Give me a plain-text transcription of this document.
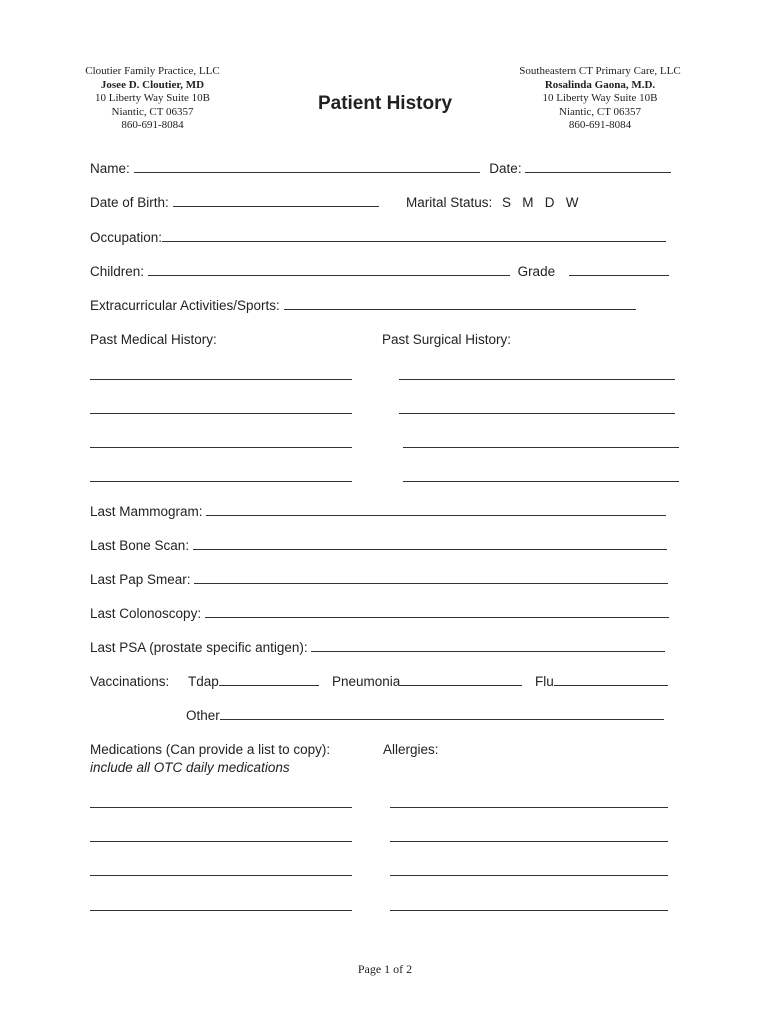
Cloutier Family Practice, LLC
Josee D. Cloutier, MD
10 Liberty Way Suite 10B
Niantic, CT 06357
860-691-8084
Patient History
Southeastern CT Primary Care, LLC
Rosalinda Gaona, M.D.
10 Liberty Way Suite 10B
Niantic, CT 06357
860-691-8084
Name:	Date:
Date of Birth:	Marital Status: S   M   D   W
Occupation:
Children:	Grade
Extracurricular Activities/Sports:
Past Medical History:	Past Surgical History:
Last Mammogram:
Last Bone Scan:
Last Pap Smear:
Last Colonoscopy:
Last PSA (prostate specific antigen):
Vaccinations: Tdap	Pneumonia	Flu
Other
Medications (Can provide a list to copy):
include all OTC daily medications
Allergies:
Page 1 of 2
